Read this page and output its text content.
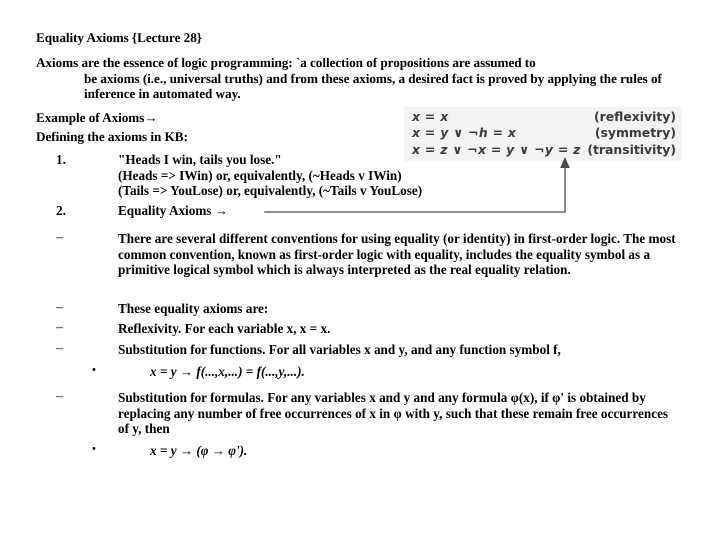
Equality Axioms {Lecture 28}
Axioms are the essence of logic programming: `a collection of propositions are assumed to
be axioms (i.e., universal truths) and from these axioms, a desired fact is proved by applying the rules of inference in automated way.
Example of Axioms→
Defining the axioms in KB:
1.	"Heads I win, tails you lose."
(Heads => IWin) or, equivalently, (~Heads v IWin)
(Tails => YouLose) or, equivalently, (~Tails v YouLose)
2.	Equality Axioms →
–	There are several different conventions for using equality (or identity) in first-order logic. The most common convention, known as first-order logic with equality, includes the equality symbol as a primitive logical symbol which is always interpreted as the real equality relation.
–	These equality axioms are:
–	Reflexivity. For each variable x, x = x.
–	Substitution for functions. For all variables x and y, and any function symbol f,
–	Substitution for formulas. For any variables x and y and any formula φ(x), if φ' is obtained by replacing any number of free occurrences of x in φ with y, such that these remain free occurrences of y, then
•	x = y → f(...,x,...) = f(...,y,...).
•	x = y → (φ → φ').
x = x	(reflexivity)
x = y ∨ ¬h = x	(symmetry)
x = z ∨ ¬x = y ∨ ¬y = z (transitivity)
